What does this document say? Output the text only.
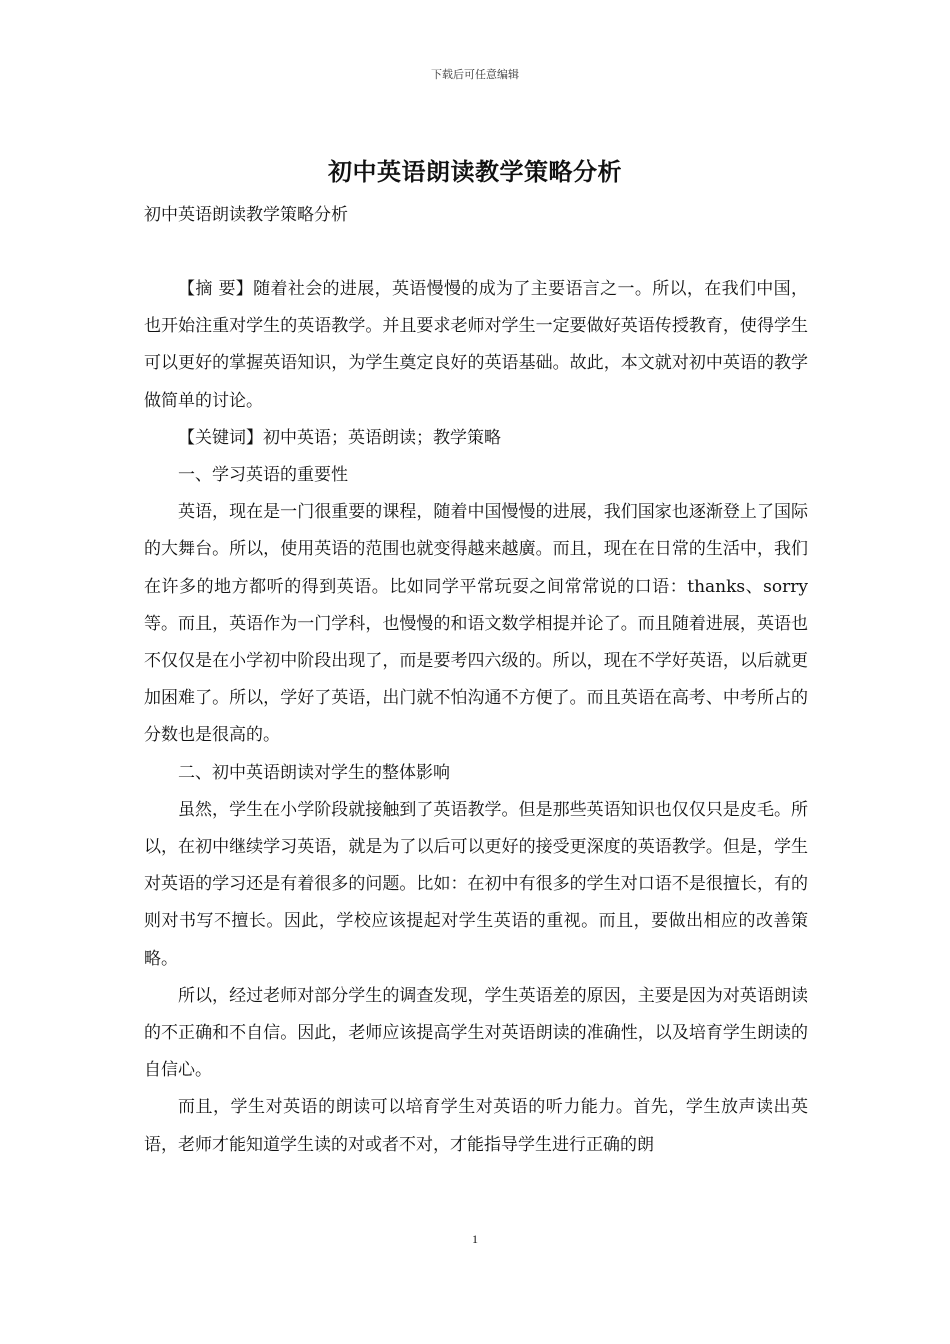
下载后可任意编辑
初中英语朗读教学策略分析

初中英语朗读教学策略分析

【摘 要】随着社会的进展，英语慢慢的成为了主要语言之一。所以，在我们中国，也开始注重对学生的英语教学。并且要求老师对学生一定要做好英语传授教育，使得学生可以更好的掌握英语知识，为学生奠定良好的英语基础。故此，本文就对初中英语的教学做简单的讨论。

【关键词】初中英语；英语朗读；教学策略

一、学习英语的重要性

英语，现在是一门很重要的课程，随着中国慢慢的进展，我们国家也逐渐登上了国际的大舞台。所以，使用英语的范围也就变得越来越廣。而且，现在在日常的生活中，我们在许多的地方都听的得到英语。比如同学平常玩耍之间常常说的口语：thanks、sorry等。而且，英语作为一门学科，也慢慢的和语文数学相提并论了。而且随着进展，英语也不仅仅是在小学初中阶段出现了，而是要考四六级的。所以，现在不学好英语，以后就更加困难了。所以，学好了英语，出门就不怕沟通不方便了。而且英语在高考、中考所占的分数也是很高的。

二、初中英语朗读对学生的整体影响

虽然，学生在小学阶段就接触到了英语教学。但是那些英语知识也仅仅只是皮毛。所以，在初中继续学习英语，就是为了以后可以更好的接受更深度的英语教学。但是，学生对英语的学习还是有着很多的问题。比如：在初中有很多的学生对口语不是很擅长，有的则对书写不擅长。因此，学校应该提起对学生英语的重视。而且，要做出相应的改善策略。

所以，经过老师对部分学生的调查发现，学生英语差的原因，主要是因为对英语朗读的不正确和不自信。因此，老师应该提高学生对英语朗读的准确性，以及培育学生朗读的自信心。

而且，学生对英语的朗读可以培育学生对英语的听力能力。首先，学生放声读出英语，老师才能知道学生读的对或者不对，才能指导学生进行正确的朗

1
